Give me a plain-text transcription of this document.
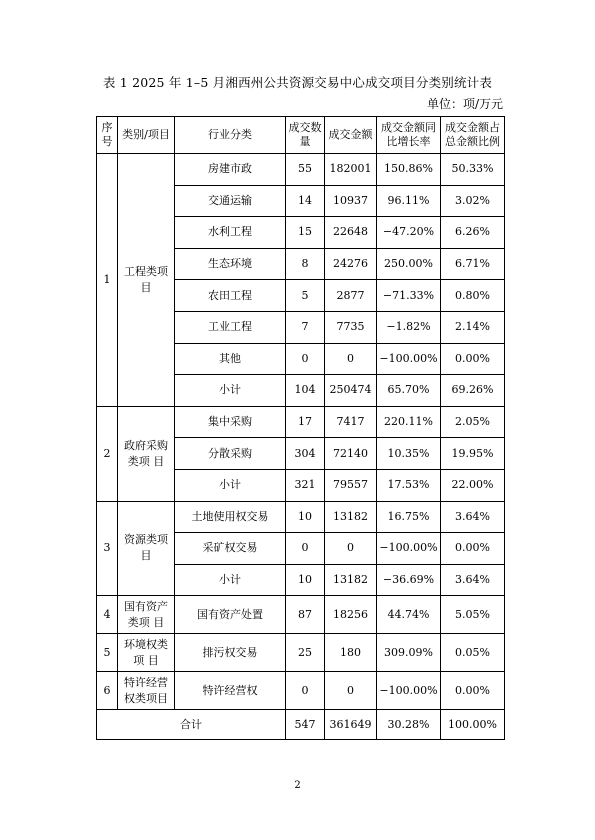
表 1 2025 年 1–5 月湘西州公共资源交易中心成交项目分类别统计表
单位：项/万元
序号	类别/项目	行业分类	成交数量	成交金额	成交金额同比增长率	成交金额占总金额比例
1	工程类项 目	房建市政	55	182001	150.86%	50.33%
		交通运输	14	10937	96.11%	3.02%
		水利工程	15	22648	−47.20%	6.26%
		生态环境	8	24276	250.00%	6.71%
		农田工程	5	2877	−71.33%	0.80%
		工业工程	7	7735	−1.82%	2.14%
		其他	0	0	−100.00%	0.00%
		小计	104	250474	65.70%	69.26%
2	政府采购类项 目	集中采购	17	7417	220.11%	2.05%
		分散采购	304	72140	10.35%	19.95%
		小计	321	79557	17.53%	22.00%
3	资源类项 目	土地使用权交易	10	13182	16.75%	3.64%
		采矿权交易	0	0	−100.00%	0.00%
		小计	10	13182	−36.69%	3.64%
4	国有资产类项 目	国有资产处置	87	18256	44.74%	5.05%
5	环境权类项 目	排污权交易	25	180	309.09%	0.05%
6	特许经营权类项目	特许经营权	0	0	−100.00%	0.00%
合计			547	361649	30.28%	100.00%
2
